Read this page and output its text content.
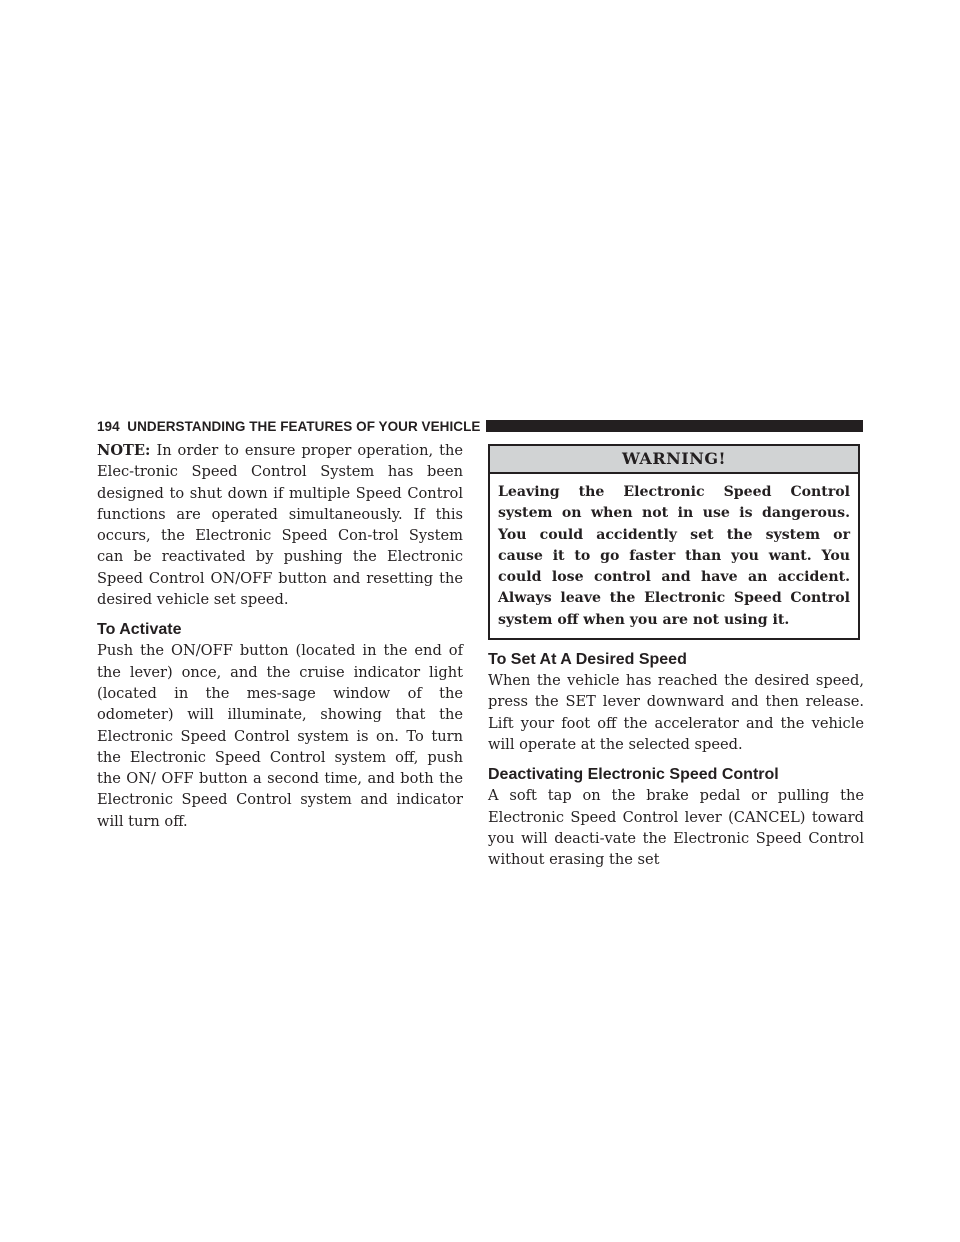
194 UNDERSTANDING THE FEATURES OF YOUR VEHICLE

NOTE: In order to ensure proper operation, the Elec-tronic Speed Control System has been designed to shut down if multiple Speed Control functions are operated simultaneously. If this occurs, the Electronic Speed Con-trol System can be reactivated by pushing the Electronic Speed Control ON/OFF button and resetting the desired vehicle set speed.

To Activate

Push the ON/OFF button (located in the end of the lever) once, and the cruise indicator light (located in the mes-sage window of the odometer) will illuminate, showing that the Electronic Speed Control system is on. To turn the Electronic Speed Control system off, push the ON/ OFF button a second time, and both the Electronic Speed Control system and indicator will turn off.

WARNING!
Leaving the Electronic Speed Control system on when not in use is dangerous. You could accidently set the system or cause it to go faster than you want. You could lose control and have an accident. Always leave the Electronic Speed Control system off when you are not using it.
To Set At A Desired Speed

When the vehicle has reached the desired speed, press the SET lever downward and then release. Lift your foot off the accelerator and the vehicle will operate at the selected speed.

Deactivating Electronic Speed Control

A soft tap on the brake pedal or pulling the Electronic Speed Control lever (CANCEL) toward you will deacti-vate the Electronic Speed Control without erasing the set
